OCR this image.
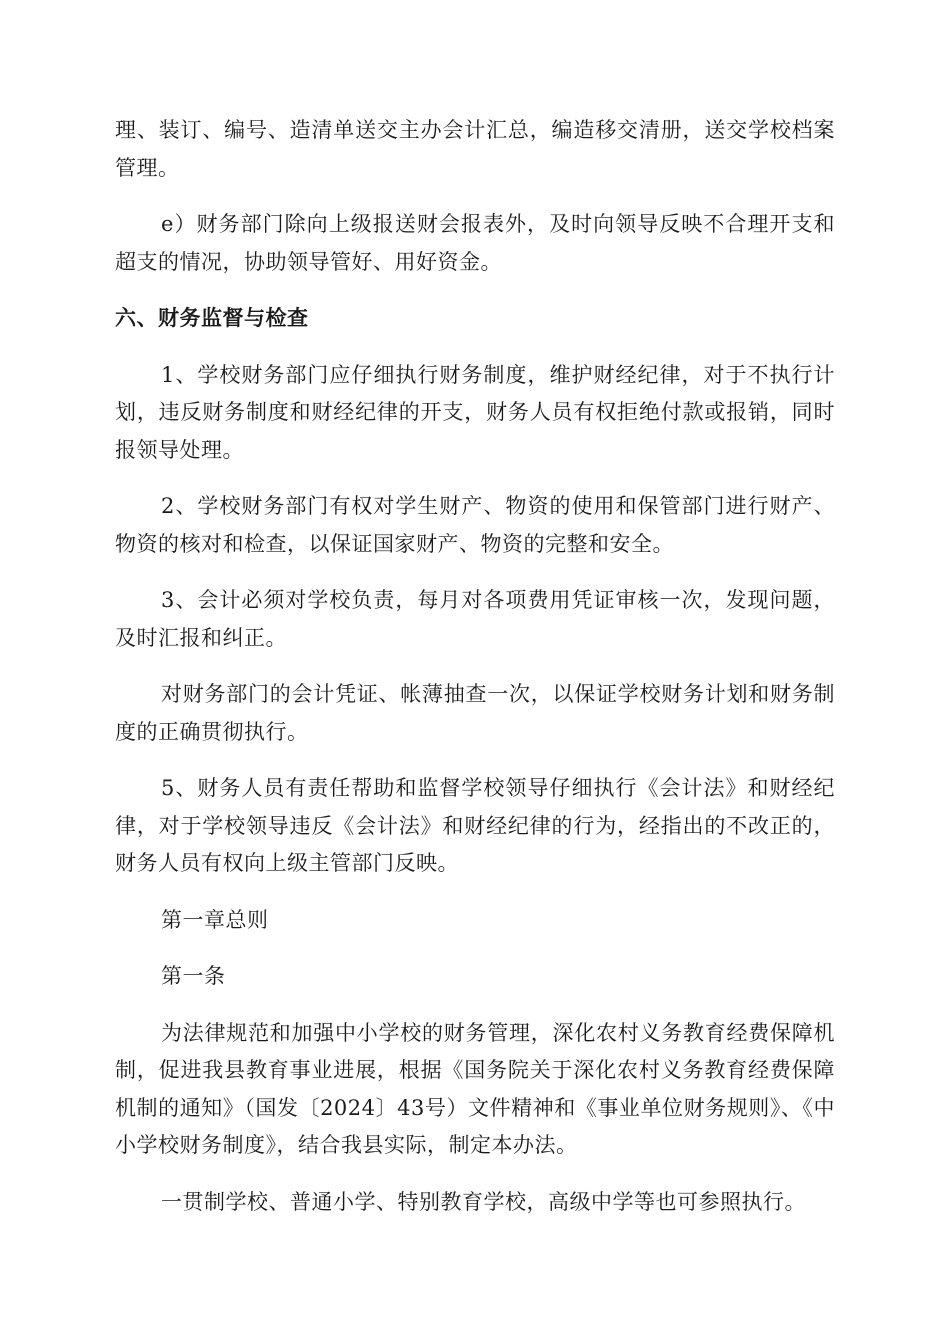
理、装订、编号、造清单送交主办会计汇总，编造移交清册，送交学校档案管理。

e）财务部门除向上级报送财会报表外，及时向领导反映不合理开支和超支的情况，协助领导管好、用好资金。

六、财务监督与检查

1、学校财务部门应仔细执行财务制度，维护财经纪律，对于不执行计划，违反财务制度和财经纪律的开支，财务人员有权拒绝付款或报销，同时报领导处理。

2、学校财务部门有权对学生财产、物资的使用和保管部门进行财产、物资的核对和检查，以保证国家财产、物资的完整和安全。

3、会计必须对学校负责，每月对各项费用凭证审核一次，发现问题，及时汇报和纠正。

对财务部门的会计凭证、帐薄抽查一次，以保证学校财务计划和财务制度的正确贯彻执行。

5、财务人员有责任帮助和监督学校领导仔细执行《会计法》和财经纪律，对于学校领导违反《会计法》和财经纪律的行为，经指出的不改正的，财务人员有权向上级主管部门反映。

第一章总则

第一条

为法律规范和加强中小学校的财务管理，深化农村义务教育经费保障机制，促进我县教育事业进展，根据《国务院关于深化农村义务教育经费保障机制的通知》（国发〔2024〕43号）文件精神和《事业单位财务规则》、《中小学校财务制度》，结合我县实际，制定本办法。

一贯制学校、普通小学、特别教育学校，高级中学等也可参照执行。
